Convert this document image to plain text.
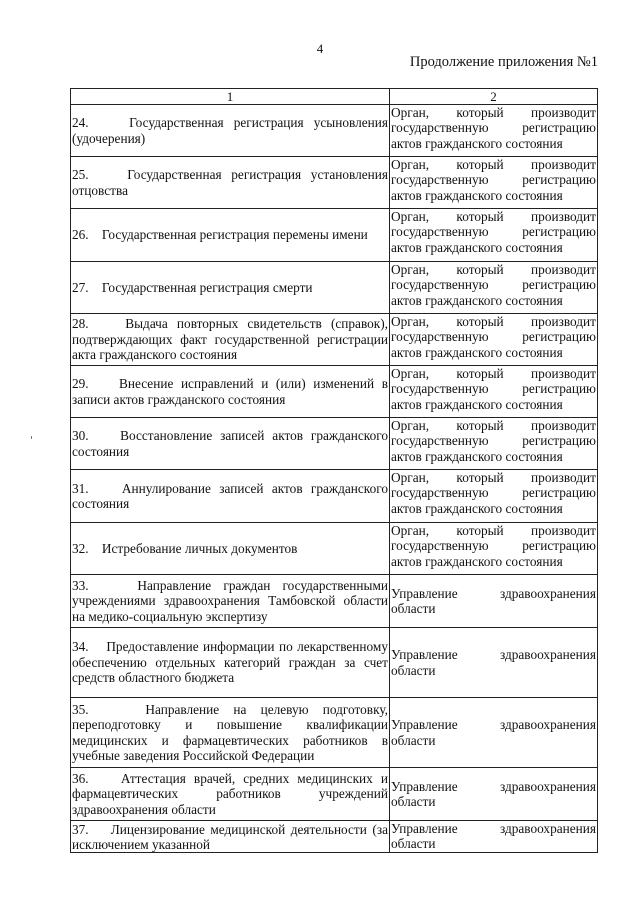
4
Продолжение приложения №1
1	2
24.    Государственная регистрация усыновления (удочерения)	Орган, который производит государственную регистрацию актов гражданского состояния
25.    Государственная регистрация установления отцовства	Орган, который производит государственную регистрацию актов гражданского состояния
26.    Государственная регистрация перемены имени	Орган, который производит государственную регистрацию актов гражданского состояния
27.    Государственная регистрация смерти	Орган, который производит государственную регистрацию актов гражданского состояния
28.    Выдача повторных свидетельств (справок), подтверждающих факт государственной регистрации акта гражданского состояния	Орган, который производит государственную регистрацию актов гражданского состояния
29.    Внесение исправлений и (или) изменений в записи актов гражданского состояния	Орган, который производит государственную регистрацию актов гражданского состояния
30.    Восстановление записей актов гражданского состояния	Орган, который производит государственную регистрацию актов гражданского состояния
31.    Аннулирование записей актов гражданского состояния	Орган, который производит государственную регистрацию актов гражданского состояния
32.    Истребование личных документов	Орган, который производит государственную регистрацию актов гражданского состояния
33.    Направление граждан государственными учреждениями здравоохранения Тамбовской области на медико-социальную экспертизу	Управление здравоохранения области
34.    Предоставление информации по лекарственному обеспечению отдельных категорий граждан за счет средств областного бюджета	Управление здравоохранения области
35.    Направление на целевую подготовку, переподготовку и повышение квалификации медицинских и фармацевтических работников в учебные заведения Российской Федерации	Управление здравоохранения области
36.    Аттестация врачей, средних медицинских и фармацевтических работников учреждений здравоохранения области	Управление здравоохранения области

37.    Лицензирование медицинской деятельности (за исключением указанной	Управление здравоохранения области
